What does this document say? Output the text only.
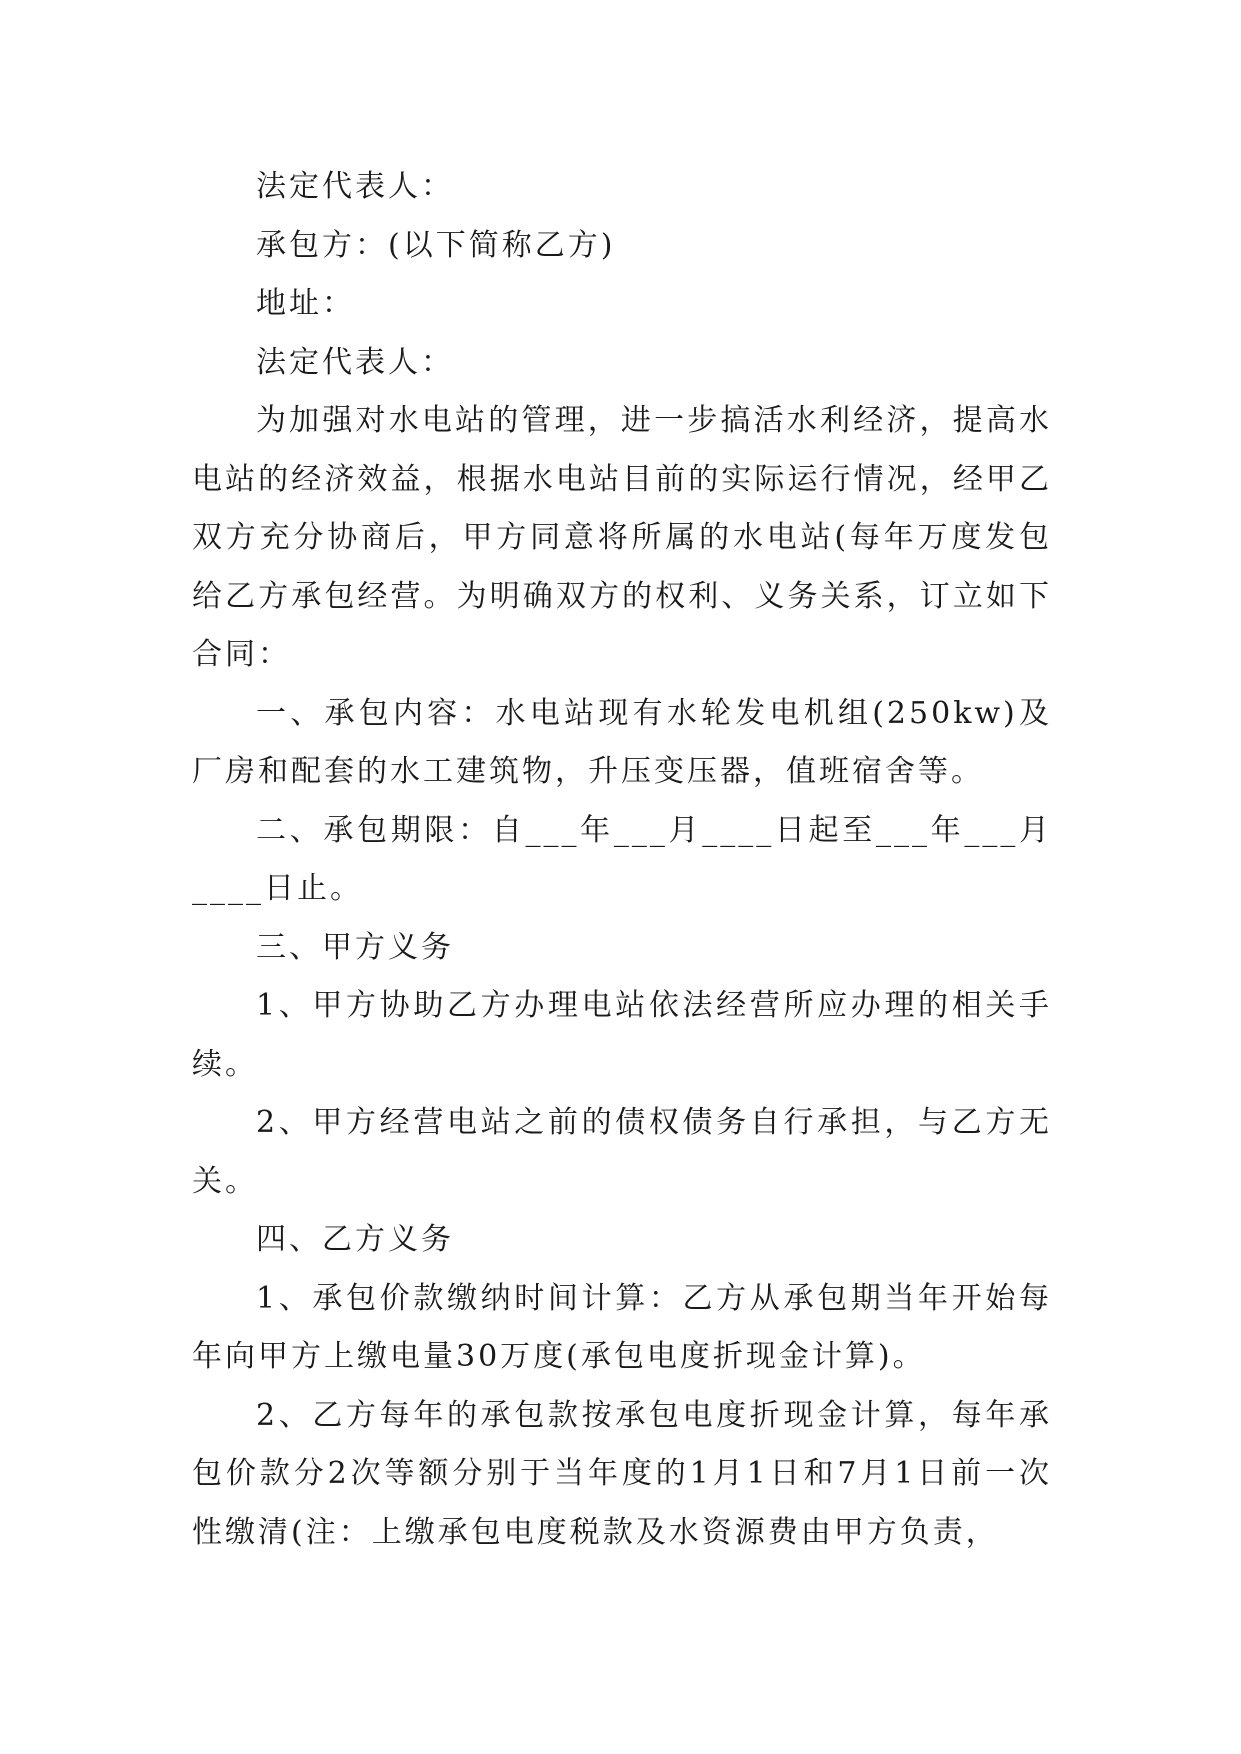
法定代表人：

承包方：(以下简称乙方)

地址：

法定代表人：

为加强对水电站的管理，进一步搞活水利经济，提高水电站的经济效益，根据水电站目前的实际运行情况，经甲乙双方充分协商后，甲方同意将所属的水电站(每年万度发包给乙方承包经营。为明确双方的权利、义务关系，订立如下合同：

一、承包内容：水电站现有水轮发电机组(250kw)及厂房和配套的水工建筑物，升压变压器，值班宿舍等。

二、承包期限：自___年___月____日起至___年___月____日止。

三、甲方义务

1、甲方协助乙方办理电站依法经营所应办理的相关手续。

2、甲方经营电站之前的债权债务自行承担，与乙方无关。

四、乙方义务

1、承包价款缴纳时间计算：乙方从承包期当年开始每年向甲方上缴电量30万度(承包电度折现金计算)。

2、乙方每年的承包款按承包电度折现金计算，每年承包价款分2次等额分别于当年度的1月1日和7月1日前一次性缴清(注：上缴承包电度税款及水资源费由甲方负责，
